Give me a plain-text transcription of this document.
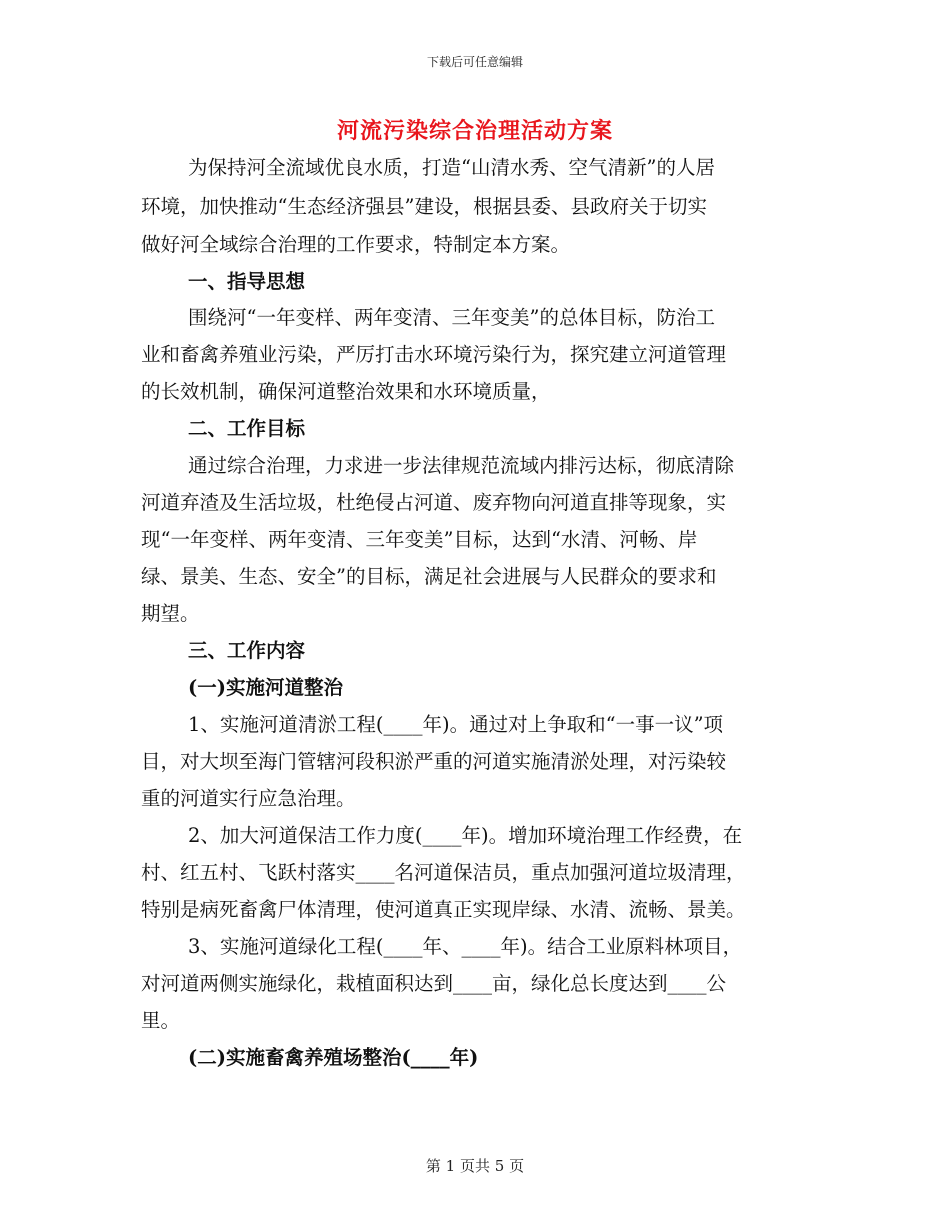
下载后可任意编辑
河流污染综合治理活动方案
为保持河全流域优良水质，打造“山清水秀、空气清新”的人居
环境，加快推动“生态经济强县”建设，根据县委、县政府关于切实
做好河全域综合治理的工作要求，特制定本方案。
一、指导思想
围绕河“一年变样、两年变清、三年变美”的总体目标，防治工
业和畜禽养殖业污染，严厉打击水环境污染行为，探究建立河道管理
的长效机制，确保河道整治效果和水环境质量，
二、工作目标
通过综合治理，力求进一步法律规范流域内排污达标，彻底清除
河道弃渣及生活垃圾，杜绝侵占河道、废弃物向河道直排等现象，实
现“一年变样、两年变清、三年变美”目标，达到“水清、河畅、岸
绿、景美、生态、安全”的目标，满足社会进展与人民群众的要求和
期望。
三、工作内容
(一)实施河道整治
1、实施河道清淤工程(____年)。通过对上争取和“一事一议”项
目，对大坝至海门管辖河段积淤严重的河道实施清淤处理，对污染较
重的河道实行应急治理。
2、加大河道保洁工作力度(____年)。增加环境治理工作经费，在
村、红五村、飞跃村落实____名河道保洁员，重点加强河道垃圾清理，
特别是病死畜禽尸体清理，使河道真正实现岸绿、水清、流畅、景美。
3、实施河道绿化工程(____年、____年)。结合工业原料林项目，
对河道两侧实施绿化，栽植面积达到____亩，绿化总长度达到____公
里。
(二)实施畜禽养殖场整治(____年)
第 1 页共 5 页
